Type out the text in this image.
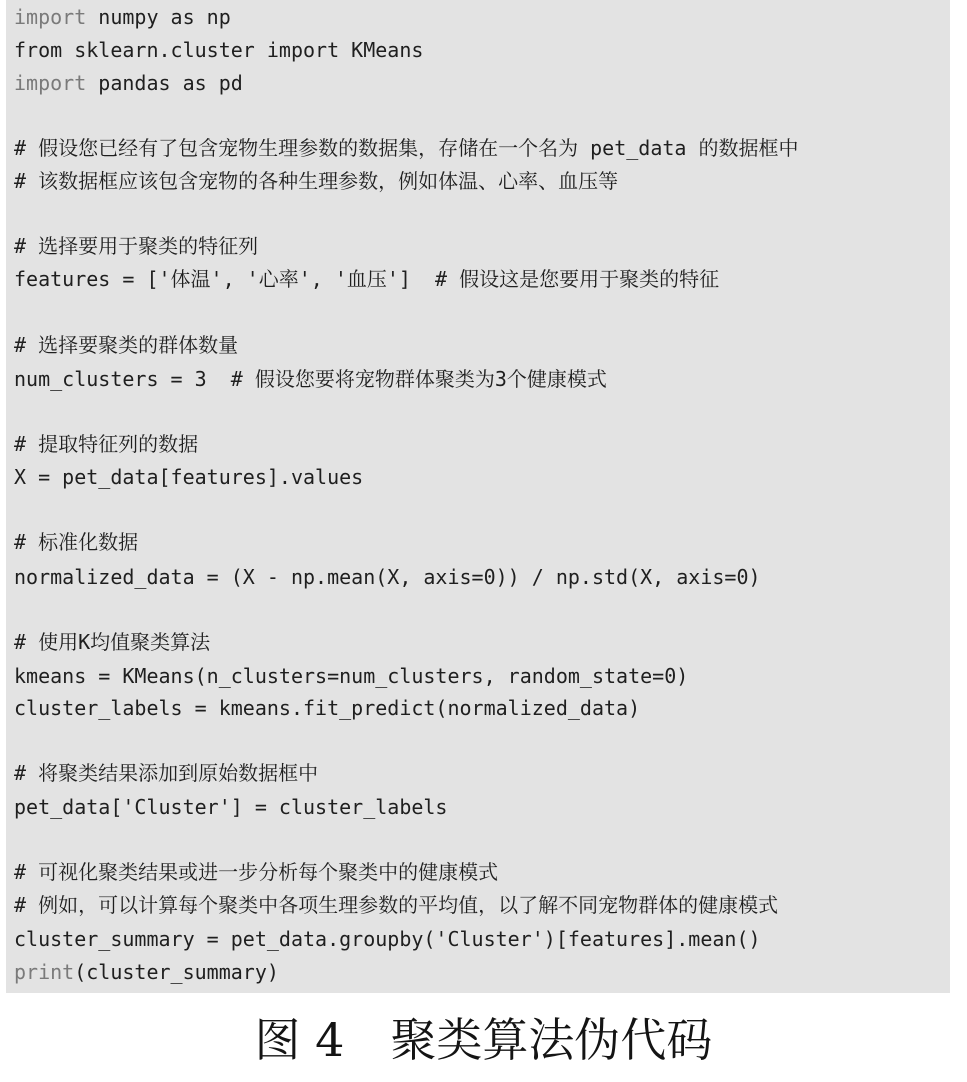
import numpy as np

from sklearn.cluster import KMeans

import pandas as pd

# 假设您已经有了包含宠物生理参数的数据集，存储在一个名为 pet_data 的数据框中

# 该数据框应该包含宠物的各种生理参数，例如体温、心率、血压等

# 选择要用于聚类的特征列

features = ['体温', '心率', '血压']  # 假设这是您要用于聚类的特征

# 选择要聚类的群体数量

num_clusters = 3  # 假设您要将宠物群体聚类为3个健康模式

# 提取特征列的数据

X = pet_data[features].values

# 标准化数据

normalized_data = (X - np.mean(X, axis=0)) / np.std(X, axis=0)

# 使用K均值聚类算法

kmeans = KMeans(n_clusters=num_clusters, random_state=0)

cluster_labels = kmeans.fit_predict(normalized_data)

# 将聚类结果添加到原始数据框中

pet_data['Cluster'] = cluster_labels

# 可视化聚类结果或进一步分析每个聚类中的健康模式

# 例如，可以计算每个聚类中各项生理参数的平均值，以了解不同宠物群体的健康模式

cluster_summary = pet_data.groupby('Cluster')[features].mean()

print(cluster_summary)

图 4　聚类算法伪代码
